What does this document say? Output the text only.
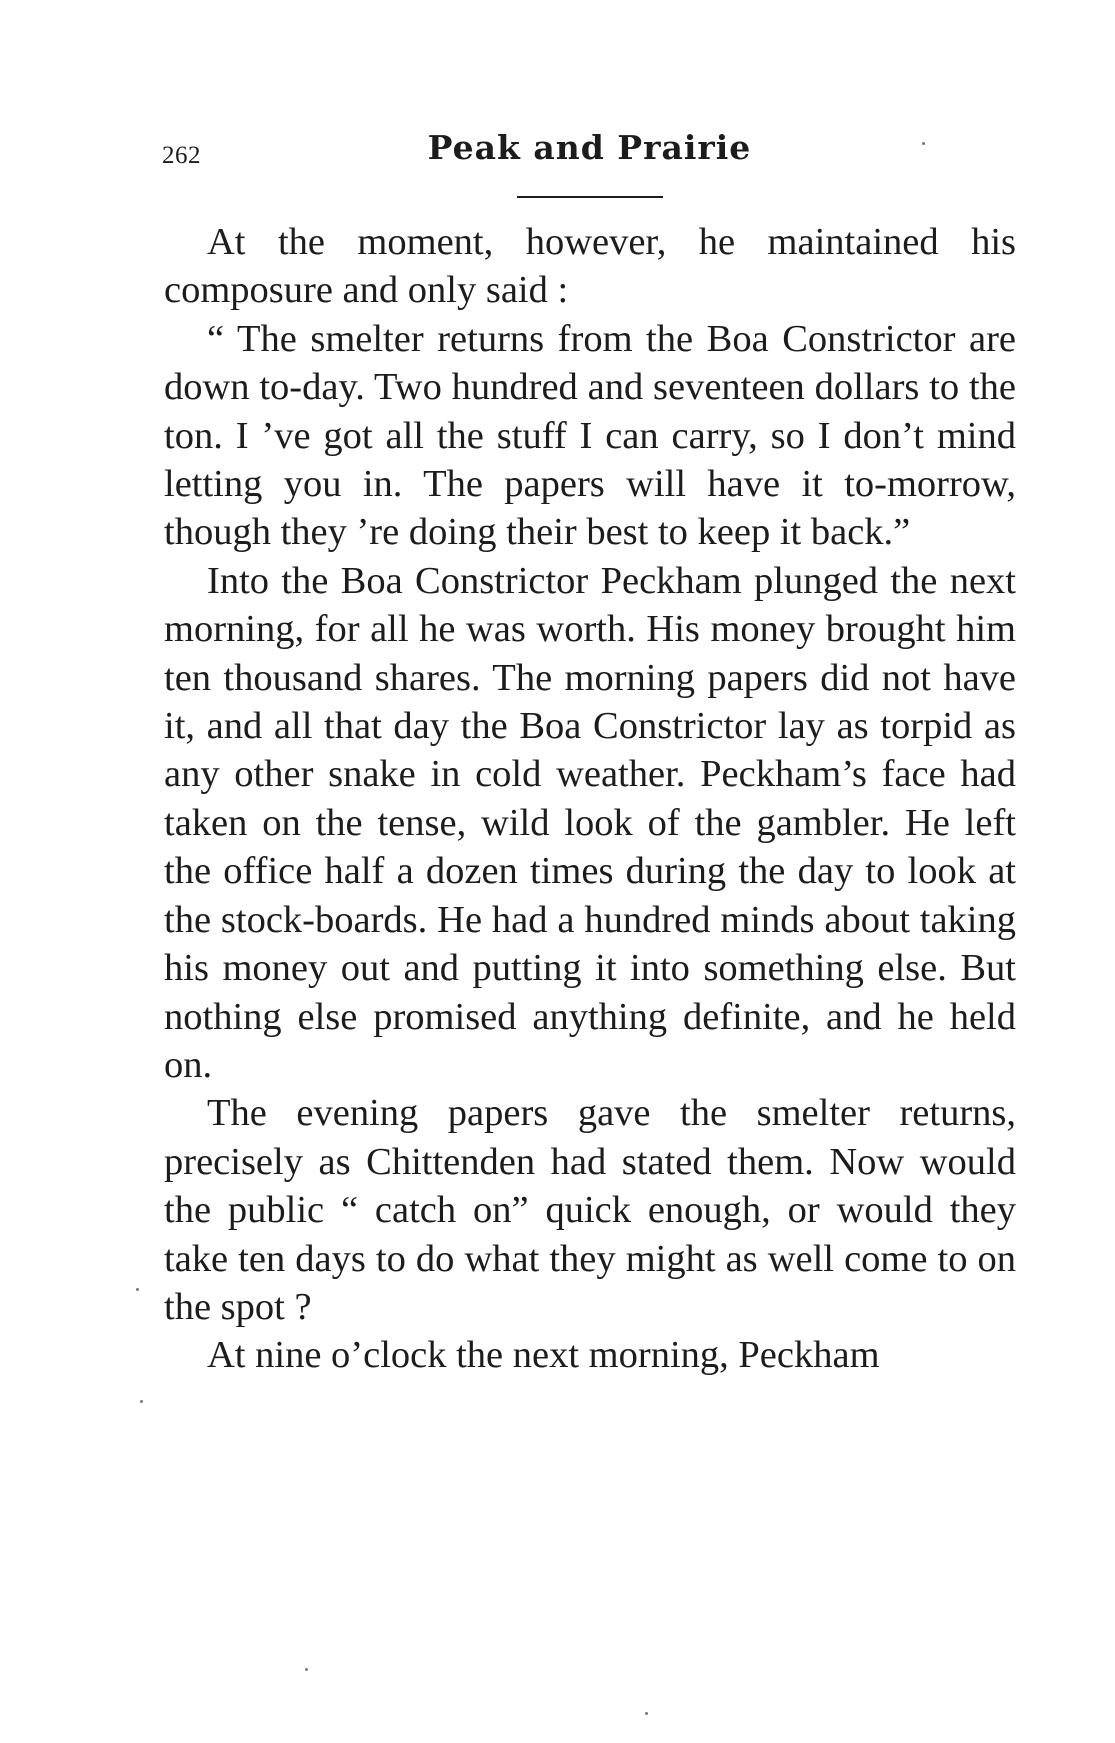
262	Peak and Prairie

At the moment, however, he maintained his composure and only said :

“ The smelter returns from the Boa Constrictor are down to-day. Two hundred and seventeen dollars to the ton. I ’ve got all the stuff I can carry, so I don’t mind letting you in. The papers will have it to-morrow, though they ’re doing their best to keep it back.”

Into the Boa Constrictor Peckham plunged the next morning, for all he was worth. His money brought him ten thousand shares. The morning papers did not have it, and all that day the Boa Constrictor lay as torpid as any other snake in cold weather. Peckham’s face had taken on the tense, wild look of the gambler. He left the office half a dozen times during the day to look at the stock-boards. He had a hundred minds about taking his money out and putting it into something else. But nothing else promised anything definite, and he held on.

The evening papers gave the smelter returns, precisely as Chittenden had stated them. Now would the public “ catch on” quick enough, or would they take ten days to do what they might as well come to on the spot ?

At nine o’clock the next morning, Peckham
